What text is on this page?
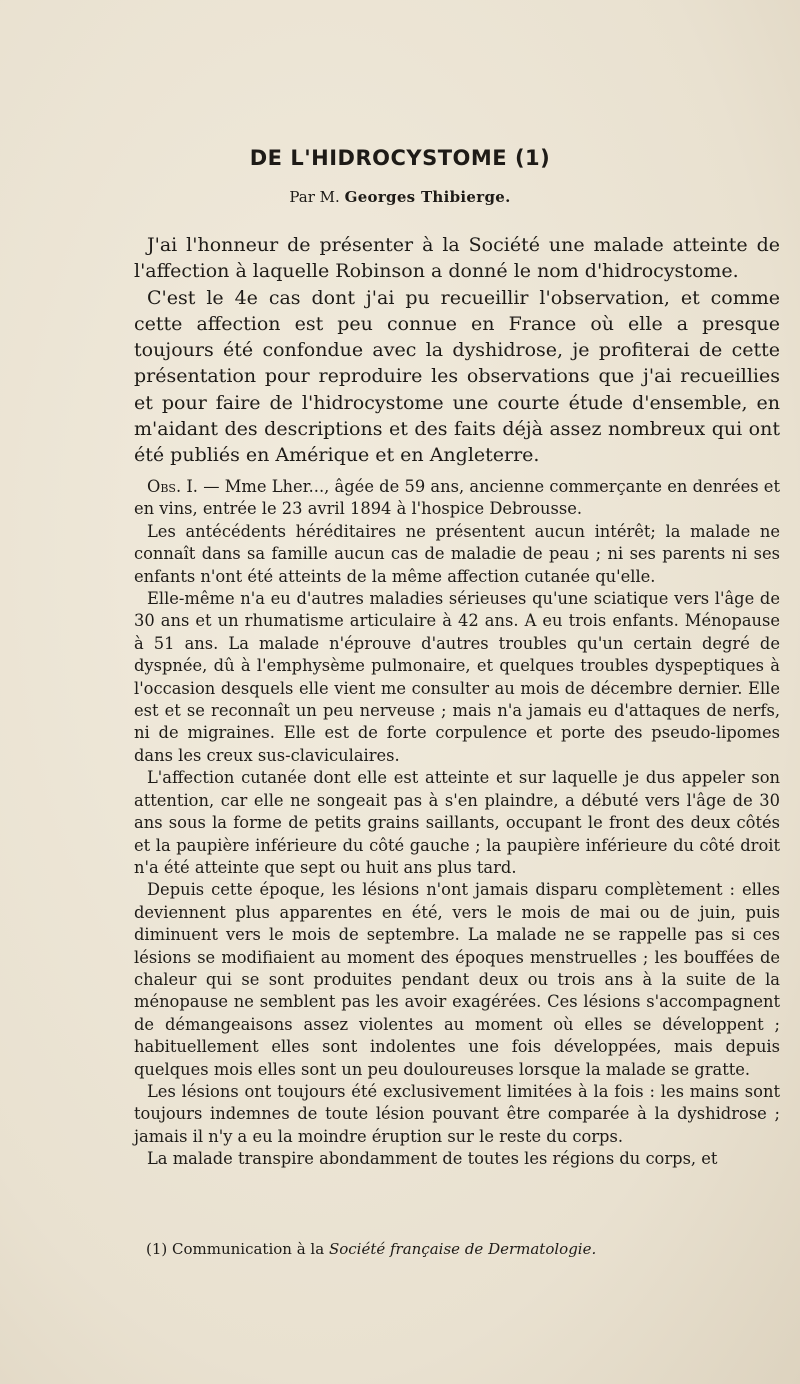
DE L'HIDROCYSTOME (1)
Par M. Georges Thibierge.

J'ai l'honneur de présenter à la Société une malade atteinte de l'affection à laquelle Robinson a donné le nom d'hidrocystome.

C'est le 4e cas dont j'ai pu recueillir l'observation, et comme cette affection est peu connue en France où elle a presque toujours été confondue avec la dyshidrose, je profiterai de cette présentation pour reproduire les observations que j'ai recueillies et pour faire de l'hidrocystome une courte étude d'ensemble, en m'aidant des descriptions et des faits déjà assez nombreux qui ont été publiés en Amérique et en Angleterre.

Obs. I. — Mme Lher..., âgée de 59 ans, ancienne commerçante en denrées et en vins, entrée le 23 avril 1894 à l'hospice Debrousse.

Les antécédents héréditaires ne présentent aucun intérêt; la malade ne connaît dans sa famille aucun cas de maladie de peau ; ni ses parents ni ses enfants n'ont été atteints de la même affection cutanée qu'elle.

Elle-même n'a eu d'autres maladies sérieuses qu'une sciatique vers l'âge de 30 ans et un rhumatisme articulaire à 42 ans. A eu trois enfants. Ménopause à 51 ans. La malade n'éprouve d'autres troubles qu'un certain degré de dyspnée, dû à l'emphysème pulmonaire, et quelques troubles dyspeptiques à l'occasion desquels elle vient me consulter au mois de décembre dernier. Elle est et se reconnaît un peu nerveuse ; mais n'a jamais eu d'attaques de nerfs, ni de migraines. Elle est de forte corpulence et porte des pseudo-lipomes dans les creux sus-claviculaires.

L'affection cutanée dont elle est atteinte et sur laquelle je dus appeler son attention, car elle ne songeait pas à s'en plaindre, a débuté vers l'âge de 30 ans sous la forme de petits grains saillants, occupant le front des deux côtés et la paupière inférieure du côté gauche ; la paupière inférieure du côté droit n'a été atteinte que sept ou huit ans plus tard.

Depuis cette époque, les lésions n'ont jamais disparu complètement : elles deviennent plus apparentes en été, vers le mois de mai ou de juin, puis diminuent vers le mois de septembre. La malade ne se rappelle pas si ces lésions se modifiaient au moment des époques menstruelles ; les bouffées de chaleur qui se sont produites pendant deux ou trois ans à la suite de la ménopause ne semblent pas les avoir exagérées. Ces lésions s'accompagnent de démangeaisons assez violentes au moment où elles se développent ; habituellement elles sont indolentes une fois développées, mais depuis quelques mois elles sont un peu douloureuses lorsque la malade se gratte.

Les lésions ont toujours été exclusivement limitées à la fois : les mains sont toujours indemnes de toute lésion pouvant être comparée à la dyshidrose ; jamais il n'y a eu la moindre éruption sur le reste du corps.

La malade transpire abondamment de toutes les régions du corps, et

(1) Communication à la Société française de Dermatologie.
